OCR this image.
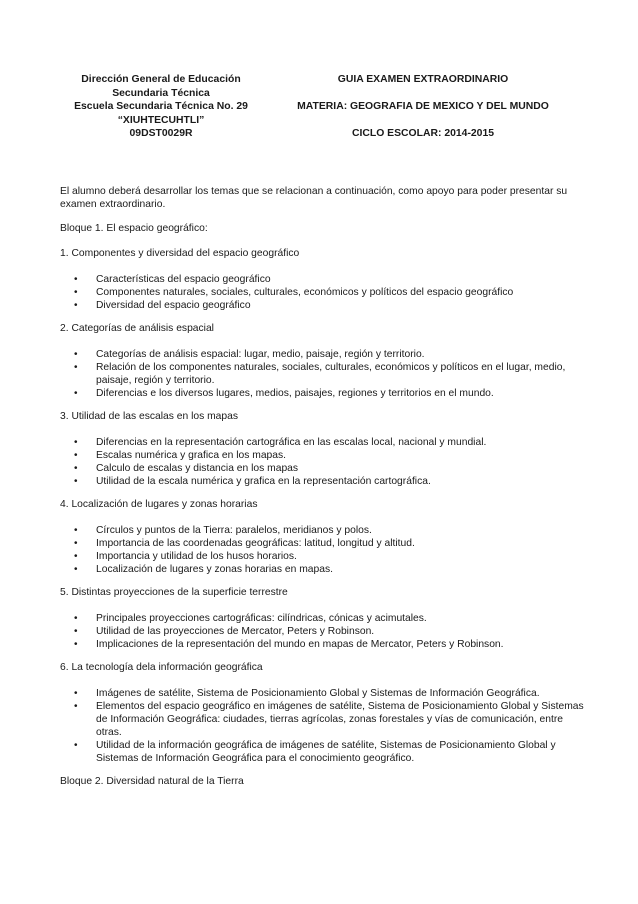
Dirección General de Educación
Secundaria Técnica
Escuela Secundaria Técnica No. 29
“XIUHTECUHTLI”
09DST0029R
GUIA EXAMEN EXTRAORDINARIO
MATERIA: GEOGRAFIA DE MEXICO Y DEL MUNDO
CICLO ESCOLAR: 2014-2015

El alumno deberá desarrollar los temas que se relacionan a continuación, como apoyo para poder presentar su examen extraordinario.

Bloque 1. El espacio geográfico:

1. Componentes y diversidad del espacio geográfico

• Características del espacio geográfico
• Componentes naturales, sociales, culturales, económicos y políticos del espacio geográfico
• Diversidad del espacio geográfico

2. Categorías de análisis espacial

• Categorías de análisis espacial: lugar, medio, paisaje, región y territorio.
• Relación de los componentes naturales, sociales, culturales, económicos y políticos en el lugar, medio, paisaje, región y territorio.
• Diferencias e los diversos lugares, medios, paisajes, regiones y territorios en el mundo.

3. Utilidad de las escalas en los mapas

• Diferencias en la representación cartográfica en las escalas local, nacional y mundial.
• Escalas numérica y grafica en los mapas.
• Calculo de escalas y distancia en los mapas
• Utilidad de la escala numérica y grafica en la representación cartográfica.

4. Localización de lugares y zonas horarias

• Círculos y puntos de la Tierra: paralelos, meridianos y polos.
• Importancia de las coordenadas geográficas: latitud, longitud y altitud.
• Importancia y utilidad de los husos horarios.
• Localización de lugares y zonas horarias en mapas.

5. Distintas proyecciones de la superficie terrestre

• Principales proyecciones cartográficas: cilíndricas, cónicas y acimutales.
• Utilidad de las proyecciones de Mercator, Peters y Robinson.
• Implicaciones de la representación del mundo en mapas de Mercator, Peters y Robinson.

6. La tecnología dela información geográfica

• Imágenes de satélite, Sistema de Posicionamiento Global y Sistemas de Información Geográfica.
• Elementos del espacio geográfico en imágenes de satélite, Sistema de Posicionamiento Global y Sistemas de Información Geográfica: ciudades, tierras agrícolas, zonas forestales y vías de comunicación, entre otras.
• Utilidad de la información geográfica de imágenes de satélite, Sistemas de Posicionamiento Global y Sistemas de Información Geográfica para el conocimiento geográfico.

Bloque 2. Diversidad natural de la Tierra
